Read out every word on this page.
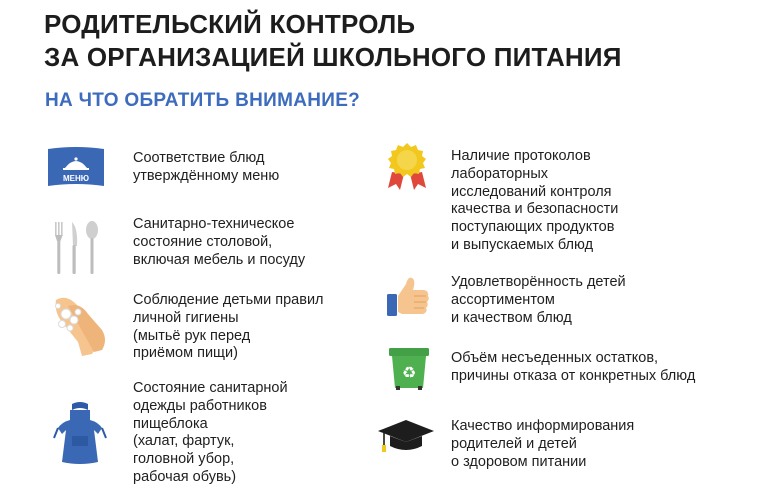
РОДИТЕЛЬСКИЙ КОНТРОЛЬ
ЗА ОРГАНИЗАЦИЕЙ ШКОЛЬНОГО ПИТАНИЯ
НА ЧТО ОБРАТИТЬ ВНИМАНИЕ?
МЕНЮ
Соответствие блюд
утверждённому меню
Санитарно-техническое
состояние столовой,
включая мебель и посуду
Соблюдение детьми правил
личной гигиены
(мытьё рук перед
приёмом пищи)
Состояние санитарной
одежды работников
пищеблока
(халат, фартук,
головной убор,
рабочая обувь)
Наличие протоколов
лабораторных
исследований контроля
качества и безопасности
поступающих продуктов
и выпускаемых блюд
Удовлетворённость детей
ассортиментом
и качеством блюд
♻
Объём несъеденных остатков,
причины отказа от конкретных блюд
Качество информирования
родителей и детей
о здоровом питании
